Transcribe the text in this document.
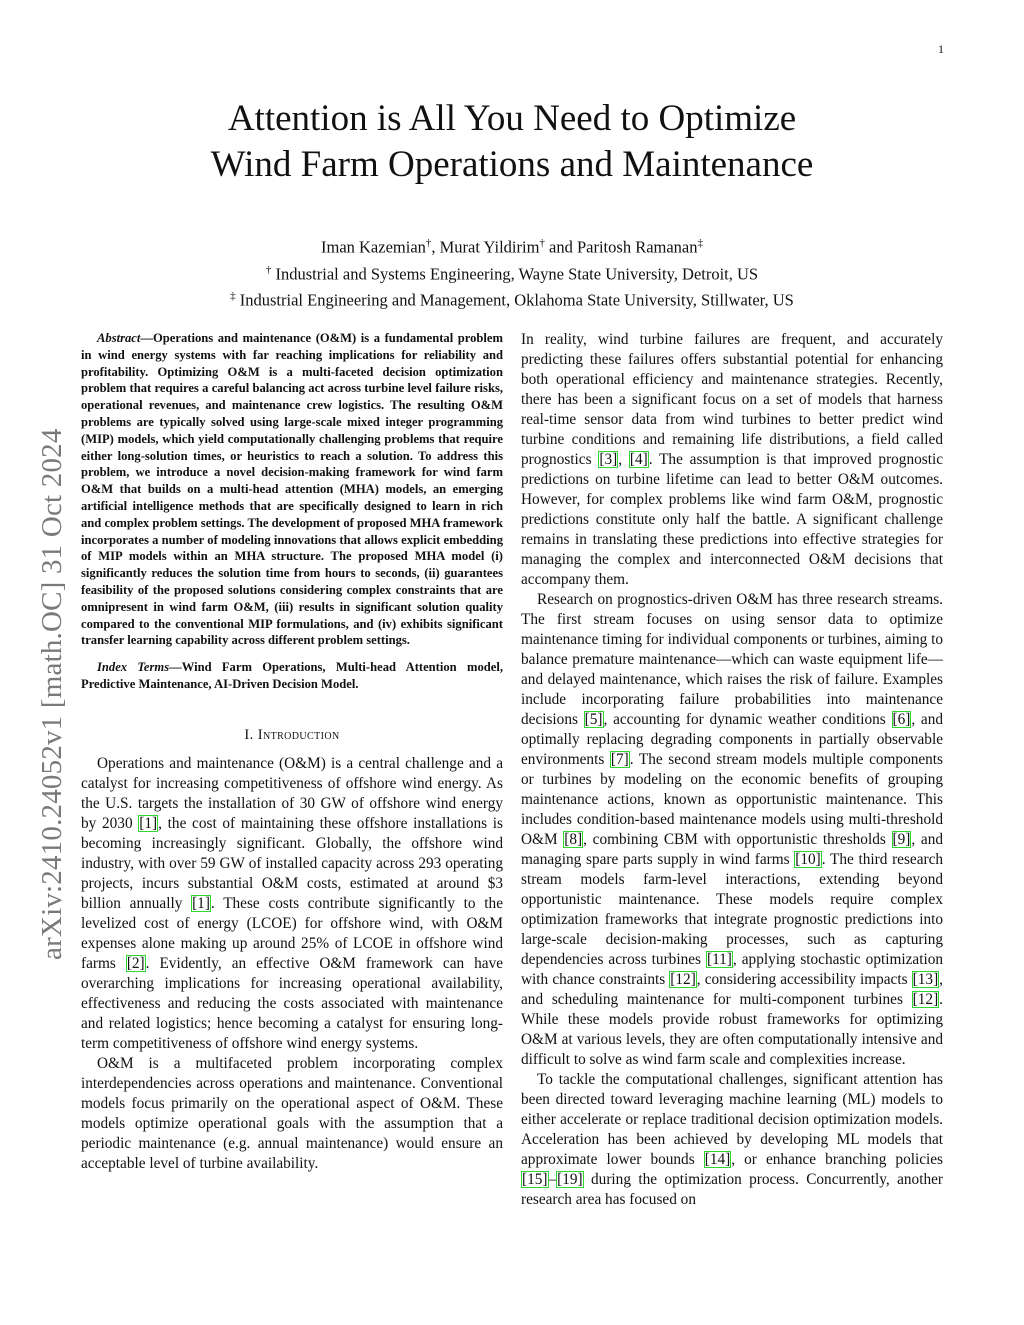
1
arXiv:2410.24052v1 [math.OC] 31 Oct 2024
Attention is All You Need to Optimize
Wind Farm Operations and Maintenance
Iman Kazemian†, Murat Yildirim† and Paritosh Ramanan‡
† Industrial and Systems Engineering, Wayne State University, Detroit, US
‡ Industrial Engineering and Management, Oklahoma State University, Stillwater, US

Abstract—Operations and maintenance (O&M) is a fundamental problem in wind energy systems with far reaching implications for reliability and profitability. Optimizing O&M is a multi-faceted decision optimization problem that requires a careful balancing act across turbine level failure risks, operational revenues, and maintenance crew logistics. The resulting O&M problems are typically solved using large-scale mixed integer programming (MIP) models, which yield computationally challenging problems that require either long-solution times, or heuristics to reach a solution. To address this problem, we introduce a novel decision-making framework for wind farm O&M that builds on a multi-head attention (MHA) models, an emerging artificial intelligence methods that are specifically designed to learn in rich and complex problem settings. The development of proposed MHA framework incorporates a number of modeling innovations that allows explicit embedding of MIP models within an MHA structure. The proposed MHA model (i) significantly reduces the solution time from hours to seconds, (ii) guarantees feasibility of the proposed solutions considering complex constraints that are omnipresent in wind farm O&M, (iii) results in significant solution quality compared to the conventional MIP formulations, and (iv) exhibits significant transfer learning capability across different problem settings.

Index Terms—Wind Farm Operations, Multi-head Attention model, Predictive Maintenance, AI-Driven Decision Model.

I. Introduction

Operations and maintenance (O&M) is a central challenge and a catalyst for increasing competitiveness of offshore wind energy. As the U.S. targets the installation of 30 GW of offshore wind energy by 2030 [1], the cost of maintaining these offshore installations is becoming increasingly significant. Globally, the offshore wind industry, with over 59 GW of installed capacity across 293 operating projects, incurs substantial O&M costs, estimated at around $3 billion annually [1]. These costs contribute significantly to the levelized cost of energy (LCOE) for offshore wind, with O&M expenses alone making up around 25% of LCOE in offshore wind farms [2]. Evidently, an effective O&M framework can have overarching implications for increasing operational availability, effectiveness and reducing the costs associated with maintenance and related logistics; hence becoming a catalyst for ensuring long-term competitiveness of offshore wind energy systems.

O&M is a multifaceted problem incorporating complex interdependencies across operations and maintenance. Conventional models focus primarily on the operational aspect of O&M. These models optimize operational goals with the assumption that a periodic maintenance (e.g. annual maintenance) would ensure an acceptable level of turbine availability.

In reality, wind turbine failures are frequent, and accurately predicting these failures offers substantial potential for enhancing both operational efficiency and maintenance strategies. Recently, there has been a significant focus on a set of models that harness real-time sensor data from wind turbines to better predict wind turbine conditions and remaining life distributions, a field called prognostics [3], [4]. The assumption is that improved prognostic predictions on turbine lifetime can lead to better O&M outcomes. However, for complex problems like wind farm O&M, prognostic predictions constitute only half the battle. A significant challenge remains in translating these predictions into effective strategies for managing the complex and interconnected O&M decisions that accompany them.

Research on prognostics-driven O&M has three research streams. The first stream focuses on using sensor data to optimize maintenance timing for individual components or turbines, aiming to balance premature maintenance—which can waste equipment life—and delayed maintenance, which raises the risk of failure. Examples include incorporating failure probabilities into maintenance decisions [5], accounting for dynamic weather conditions [6], and optimally replacing degrading components in partially observable environments [7]. The second stream models multiple components or turbines by modeling on the economic benefits of grouping maintenance actions, known as opportunistic maintenance. This includes condition-based maintenance models using multi-threshold O&M [8], combining CBM with opportunistic thresholds [9], and managing spare parts supply in wind farms [10]. The third research stream models farm-level interactions, extending beyond opportunistic maintenance. These models require complex optimization frameworks that integrate prognostic predictions into large-scale decision-making processes, such as capturing dependencies across turbines [11], applying stochastic optimization with chance constraints [12], considering accessibility impacts [13], and scheduling maintenance for multi-component turbines [12]. While these models provide robust frameworks for optimizing O&M at various levels, they are often computationally intensive and difficult to solve as wind farm scale and complexities increase.

To tackle the computational challenges, significant attention has been directed toward leveraging machine learning (ML) models to either accelerate or replace traditional decision optimization models. Acceleration has been achieved by developing ML models that approximate lower bounds [14], or enhance branching policies [15]–[19] during the optimization process. Concurrently, another research area has focused on
